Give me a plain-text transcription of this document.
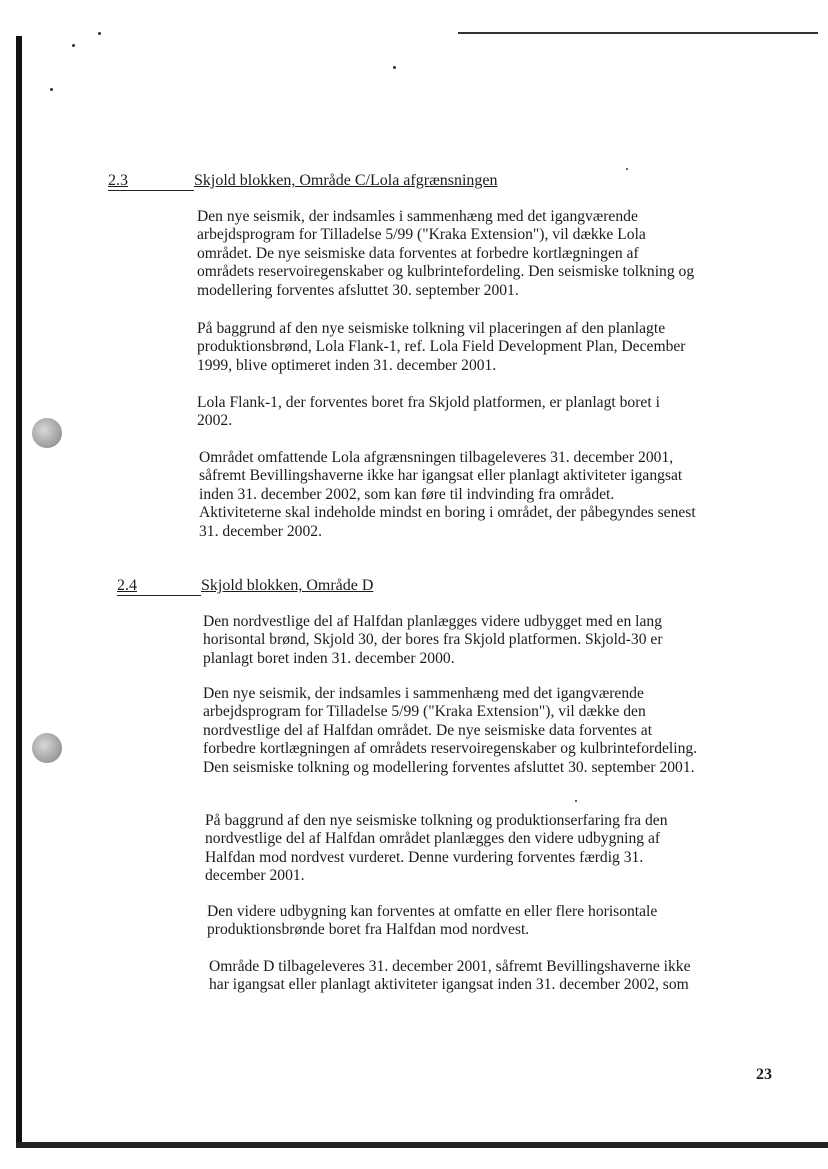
2.3	Skjold blokken, Område C/Lola afgrænsningen

Den nye seismik, der indsamles i sammenhæng med det igangværende arbejdsprogram for Tilladelse 5/99 ("Kraka Extension"), vil dække Lola området. De nye seismiske data forventes at forbedre kortlægningen af områdets reservoiregenskaber og kulbrintefordeling. Den seismiske tolkning og modellering forventes afsluttet 30. september 2001.

På baggrund af den nye seismiske tolkning vil placeringen af den planlagte produktionsbrønd, Lola Flank-1, ref. Lola Field Development Plan, December 1999, blive optimeret inden 31. december 2001.

Lola Flank-1, der forventes boret fra Skjold platformen, er planlagt boret i 2002.

Området omfattende Lola afgrænsningen tilbageleveres 31. december 2001, såfremt Bevillingshaverne ikke har igangsat eller planlagt aktiviteter igangsat inden 31. december 2002, som kan føre til indvinding fra området. Aktiviteterne skal indeholde mindst en boring i området, der påbegyndes senest 31. december 2002.

2.4	Skjold blokken, Område D

Den nordvestlige del af Halfdan planlægges videre udbygget med en lang horisontal brønd, Skjold 30, der bores fra Skjold platformen. Skjold-30 er planlagt boret inden 31. december 2000.

Den nye seismik, der indsamles i sammenhæng med det igangværende arbejdsprogram for Tilladelse 5/99 ("Kraka Extension"), vil dække den nordvestlige del af Halfdan området. De nye seismiske data forventes at forbedre kortlægningen af områdets reservoiregenskaber og kulbrintefordeling. Den seismiske tolkning og modellering forventes afsluttet 30. september 2001.

På baggrund af den nye seismiske tolkning og produktionserfaring fra den nordvestlige del af Halfdan området planlægges den videre udbygning af Halfdan mod nordvest vurderet. Denne vurdering forventes færdig 31. december 2001.

Den videre udbygning kan forventes at omfatte en eller flere horisontale produktionsbrønde boret fra Halfdan mod nordvest.

Område D tilbageleveres 31. december 2001, såfremt Bevillingshaverne ikke har igangsat eller planlagt aktiviteter igangsat inden 31. december 2002, som

23
